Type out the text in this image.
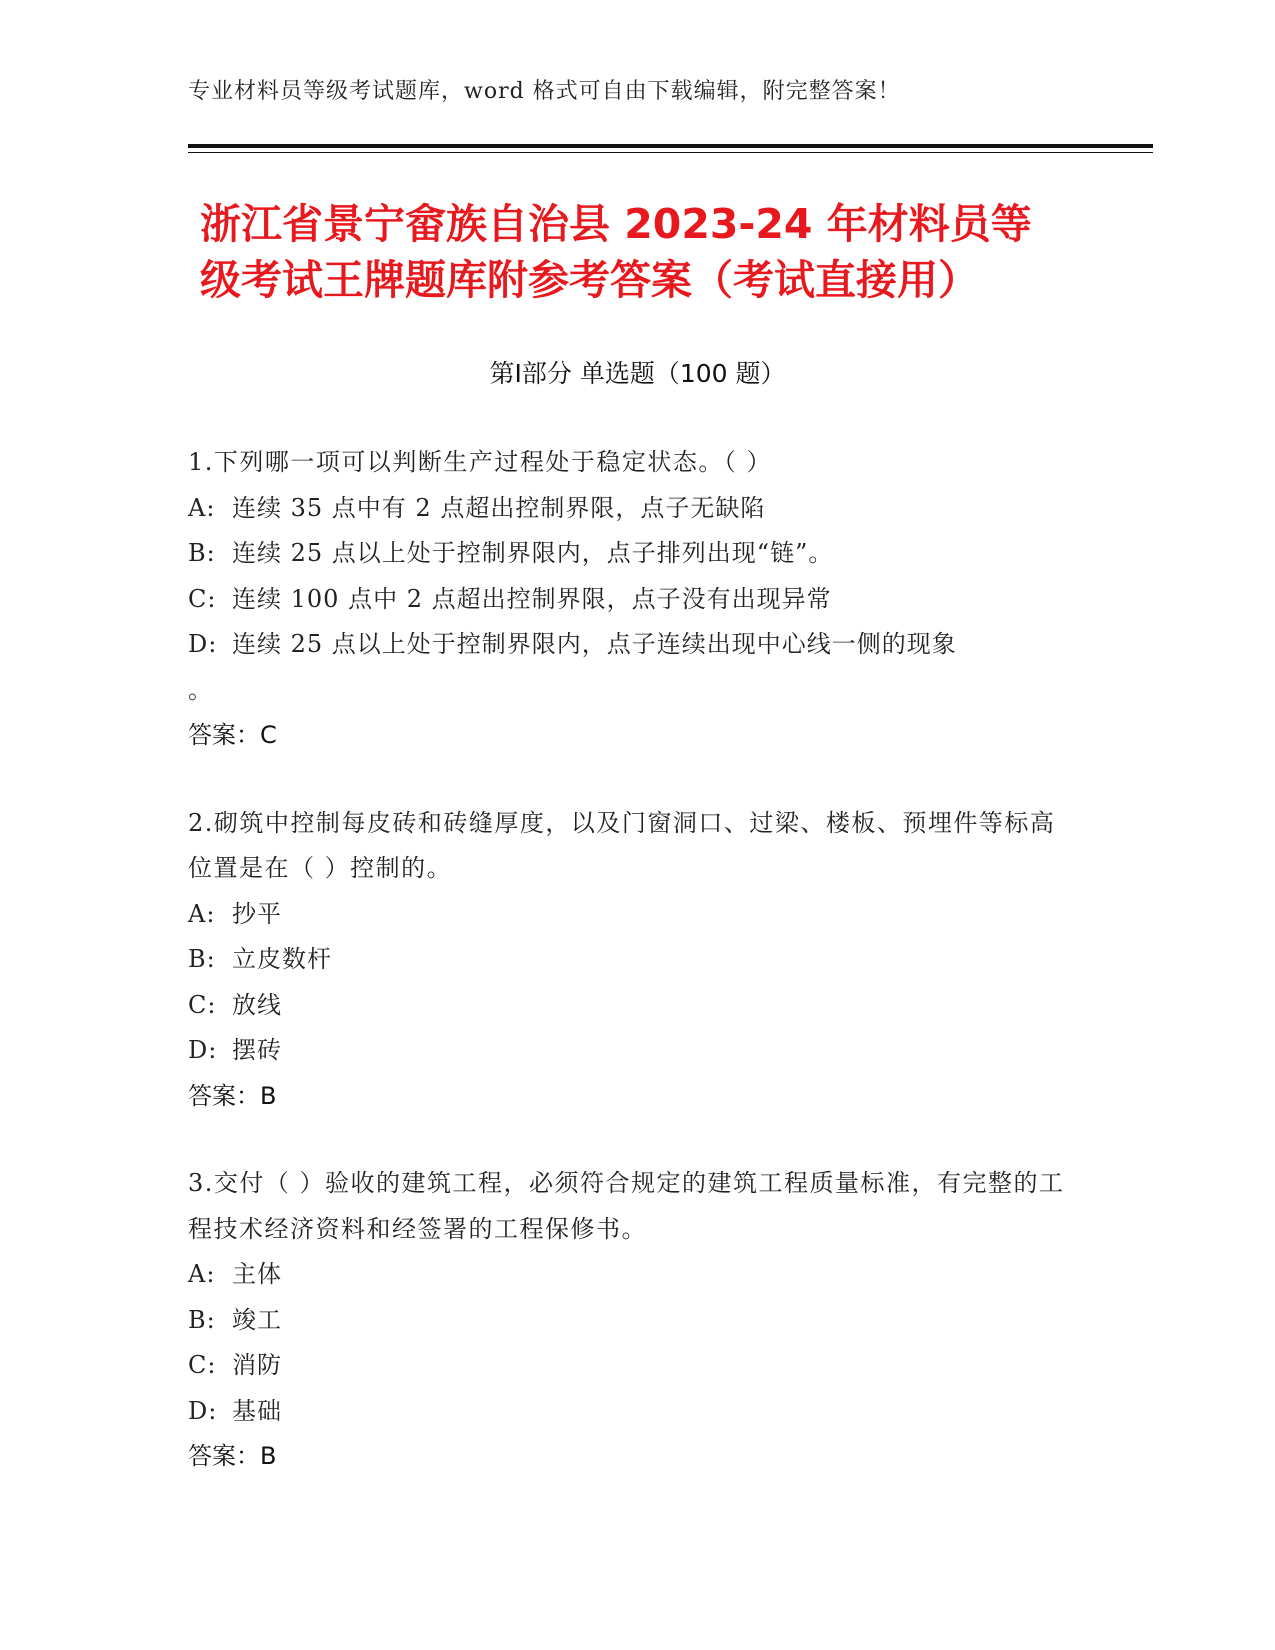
专业材料员等级考试题库，word 格式可自由下载编辑，附完整答案！
浙江省景宁畲族自治县 2023-24 年材料员等
级考试王牌题库附参考答案（考试直接用）
第Ⅰ部分 单选题（100 题）
1.下列哪一项可以判断生产过程处于稳定状态。（ ）
A: 连续 35 点中有 2 点超出控制界限，点子无缺陷
B: 连续 25 点以上处于控制界限内，点子排列出现“链”。
C: 连续 100 点中 2 点超出控制界限，点子没有出现异常
D: 连续 25 点以上处于控制界限内，点子连续出现中心线一侧的现象
。
答案：C
2.砌筑中控制每皮砖和砖缝厚度，以及门窗洞口、过梁、楼板、预埋件等标高位置是在（ ）控制的。
A: 抄平
B: 立皮数杆
C: 放线
D: 摆砖
答案：B
3.交付（ ）验收的建筑工程，必须符合规定的建筑工程质量标准，有完整的工程技术经济资料和经签署的工程保修书。
A: 主体
B: 竣工
C: 消防
D: 基础
答案：B
